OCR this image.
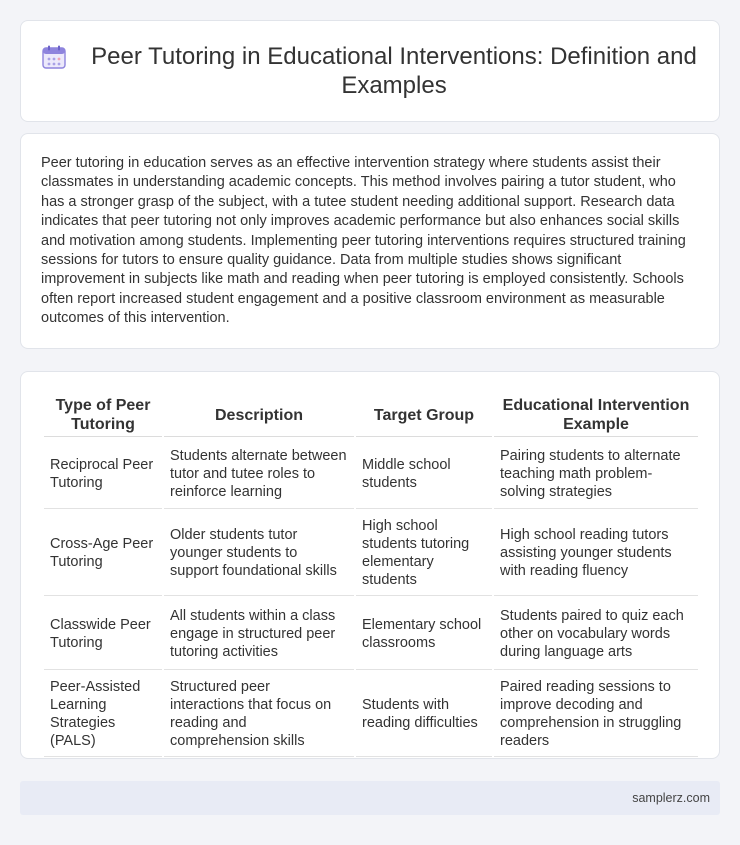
Peer Tutoring in Educational Interventions: Definition and Examples

Peer tutoring in education serves as an effective intervention strategy where students assist their classmates in understanding academic concepts. This method involves pairing a tutor student, who has a stronger grasp of the subject, with a tutee student needing additional support. Research data indicates that peer tutoring not only improves academic performance but also enhances social skills and motivation among students. Implementing peer tutoring interventions requires structured training sessions for tutors to ensure quality guidance. Data from multiple studies shows significant improvement in subjects like math and reading when peer tutoring is employed consistently. Schools often report increased student engagement and a positive classroom environment as measurable outcomes of this intervention.

Type of Peer Tutoring	Description	Target Group	Educational Intervention Example
Reciprocal Peer Tutoring	Students alternate between tutor and tutee roles to reinforce learning	Middle school students	Pairing students to alternate teaching math problem-solving strategies
Cross-Age Peer Tutoring	Older students tutor younger students to support foundational skills	High school students tutoring elementary students	High school reading tutors assisting younger students with reading fluency
Classwide Peer Tutoring	All students within a class engage in structured peer tutoring activities	Elementary school classrooms	Students paired to quiz each other on vocabulary words during language arts
Peer-Assisted Learning Strategies (PALS)	Structured peer interactions that focus on reading and comprehension skills	Students with reading difficulties	Paired reading sessions to improve decoding and comprehension in struggling readers
samplerz.com
